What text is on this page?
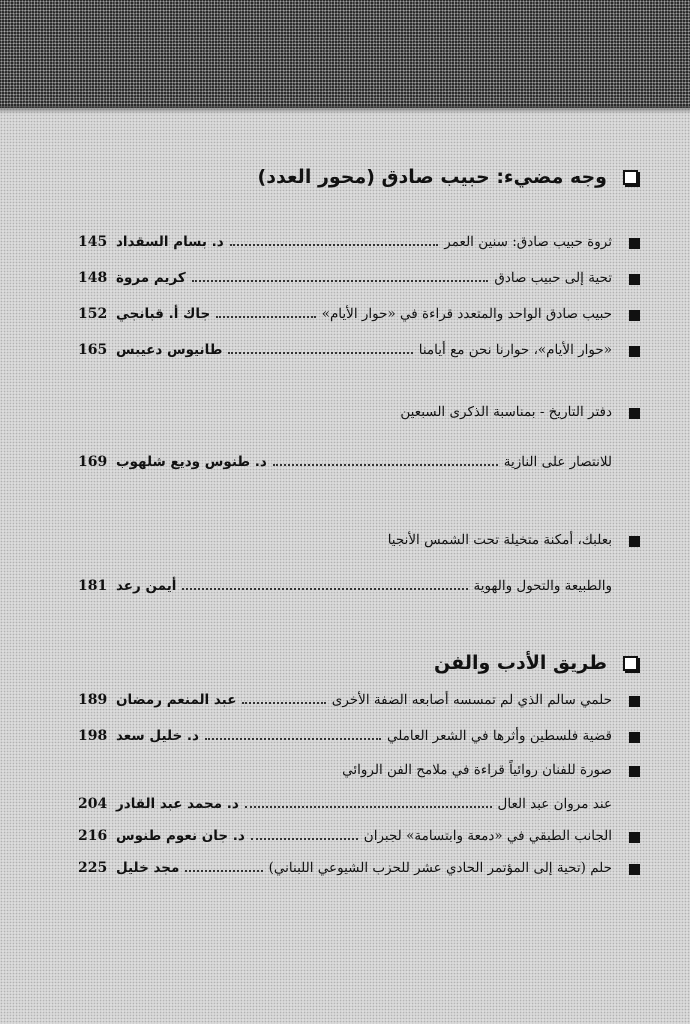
وجه مضيء: حبيب صادق (محور العدد)
145 د. بسام السقداد	ثروة حبيب صادق: سنين العمر
148 كريم مروة	تحية إلى حبيب صادق
152 جاك أ. قبانجي	حبيب صادق الواحد والمتعدد قراءة في «حوار الأيام»
165 طانيوس دعيبس	«حوار الأيام»، حوارنا نحن مع أيامنا
دفتر التاريخ - بمناسبة الذكرى السبعين
169 د. طنوس وديع شلهوب	للانتصار على النازية
بعلبك، أمكنة متخيلة تحت الشمس الأنجيا
181 أيمن رعد	والطبيعة والتحول والهوية
طريق الأدب والفن
189 عبد المنعم رمضان	حلمي سالم الذي لم تمسسه أصابعه الضفة الأخرى
198 د. خليل سعد	قضية فلسطين وأثرها في الشعر العاملي
صورة للفنان روائياً قراءة في ملامح الفن الروائي
204 د. محمد عبد القادر	عند مروان عبد العال
216 د. جان نعوم طنوس	الجانب الطبقي في «دمعة وابتسامة» لجبران
225 مجد خليل	حلم (تحية إلى المؤتمر الحادي عشر للحزب الشيوعي اللبناني)
